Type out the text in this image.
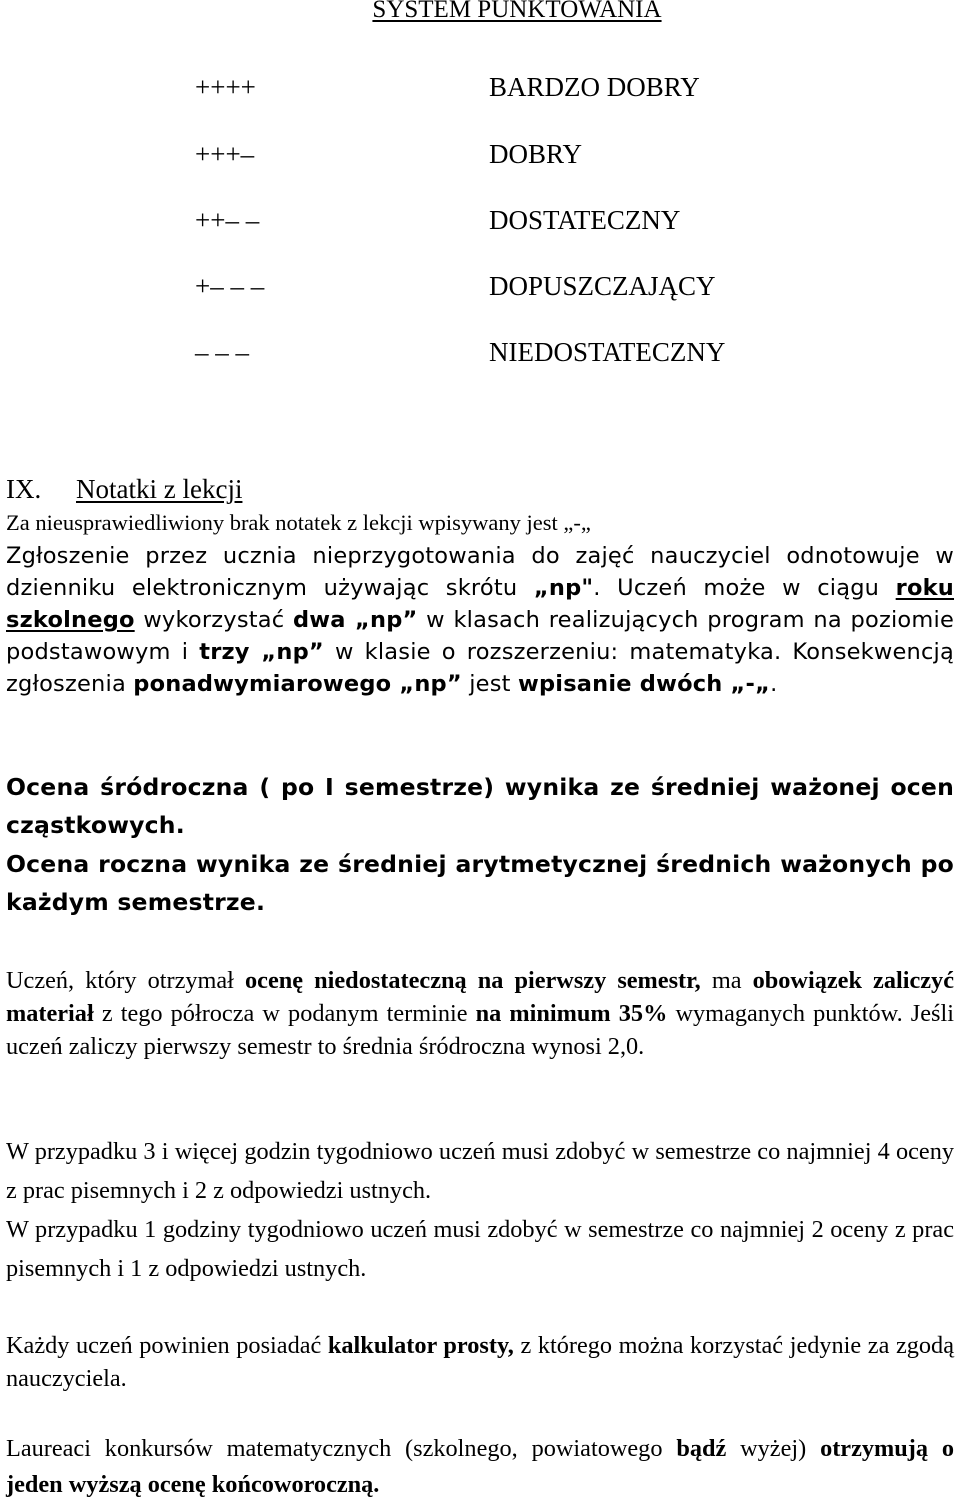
SYSTEM PUNKTOWANIA
++++	BARDZO DOBRY
+++–	DOBRY
++– –	DOSTATECZNY
+– – –	DOPUSZCZAJĄCY
– – –	NIEDOSTATECZNY
IX. Notatki z lekcji
Za nieusprawiedliwiony brak notatek z lekcji wpisywany jest „-„
Zgłoszenie przez ucznia nieprzygotowania do zajęć nauczyciel odnotowuje w dzienniku elektronicznym używając skrótu „np". Uczeń może w ciągu roku szkolnego wykorzystać dwa „np” w klasach realizujących program na poziomie podstawowym i trzy „np” w klasie o rozszerzeniu: matematyka. Konsekwencją zgłoszenia ponadwymiarowego „np” jest wpisanie dwóch „-„.
Ocena śródroczna ( po I semestrze) wynika ze średniej ważonej ocen cząstkowych.
Ocena roczna wynika ze średniej arytmetycznej średnich ważonych po każdym semestrze.
Uczeń, który otrzymał ocenę niedostateczną na pierwszy semestr, ma obowiązek zaliczyć materiał z tego półrocza w podanym terminie na minimum 35% wymaganych punktów. Jeśli uczeń zaliczy pierwszy semestr to średnia śródroczna wynosi 2,0.
W przypadku 3 i więcej godzin tygodniowo uczeń musi zdobyć w semestrze co najmniej 4 oceny z prac pisemnych i 2 z odpowiedzi ustnych.
W przypadku 1 godziny tygodniowo uczeń musi zdobyć w semestrze co najmniej 2 oceny z prac pisemnych i 1 z odpowiedzi ustnych.
Każdy uczeń powinien posiadać kalkulator prosty, z którego można korzystać jedynie za zgodą nauczyciela.
Laureaci konkursów matematycznych (szkolnego, powiatowego bądź wyżej) otrzymują o jeden wyższą ocenę końcoworoczną.
